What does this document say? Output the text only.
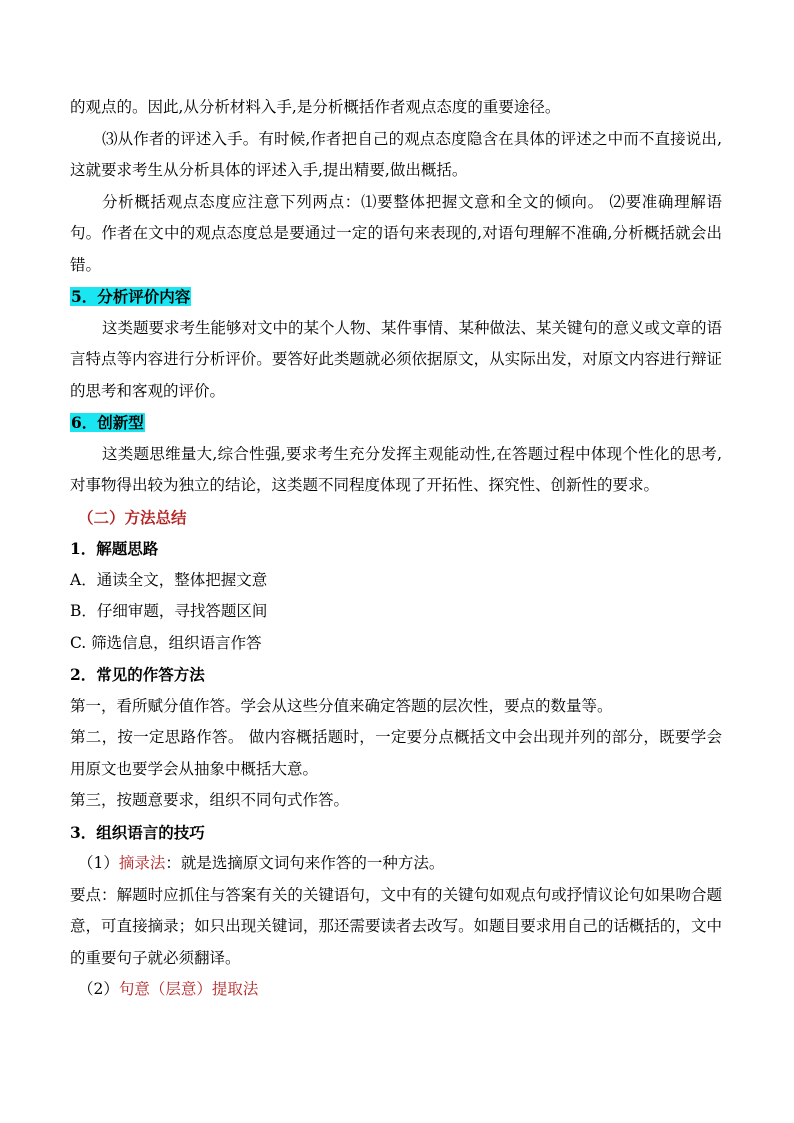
的观点的。因此,从分析材料入手,是分析概括作者观点态度的重要途径。

⑶从作者的评述入手。有时候,作者把自己的观点态度隐含在具体的评述之中而不直接说出,这就要求考生从分析具体的评述入手,提出精要,做出概括。

分析概括观点态度应注意下列两点：⑴要整体把握文意和全文的倾向。 ⑵要准确理解语句。作者在文中的观点态度总是要通过一定的语句来表现的,对语句理解不准确,分析概括就会出错。

5．分析评价内容

这类题要求考生能够对文中的某个人物、某件事情、某种做法、某关键句的意义或文章的语言特点等内容进行分析评价。要答好此类题就必须依据原文，从实际出发，对原文内容进行辩证的思考和客观的评价。

6．创新型

这类题思维量大,综合性强,要求考生充分发挥主观能动性,在答题过程中体现个性化的思考,对事物得出较为独立的结论，这类题不同程度体现了开拓性、探究性、创新性的要求。

（二）方法总结

1．解题思路

A．通读全文，整体把握文意

B．仔细审题，寻找答题区间

C. 筛选信息，组织语言作答

2．常见的作答方法

第一，看所赋分值作答。学会从这些分值来确定答题的层次性，要点的数量等。

第二，按一定思路作答。 做内容概括题时，一定要分点概括文中会出现并列的部分，既要学会用原文也要学会从抽象中概括大意。

第三，按题意要求，组织不同句式作答。

3．组织语言的技巧

（1）摘录法：就是选摘原文词句来作答的一种方法。

要点：解题时应抓住与答案有关的关键语句，文中有的关键句如观点句或抒情议论句如果吻合题意，可直接摘录；如只出现关键词，那还需要读者去改写。如题目要求用自己的话概括的，文中的重要句子就必须翻译。

（2）句意（层意）提取法
